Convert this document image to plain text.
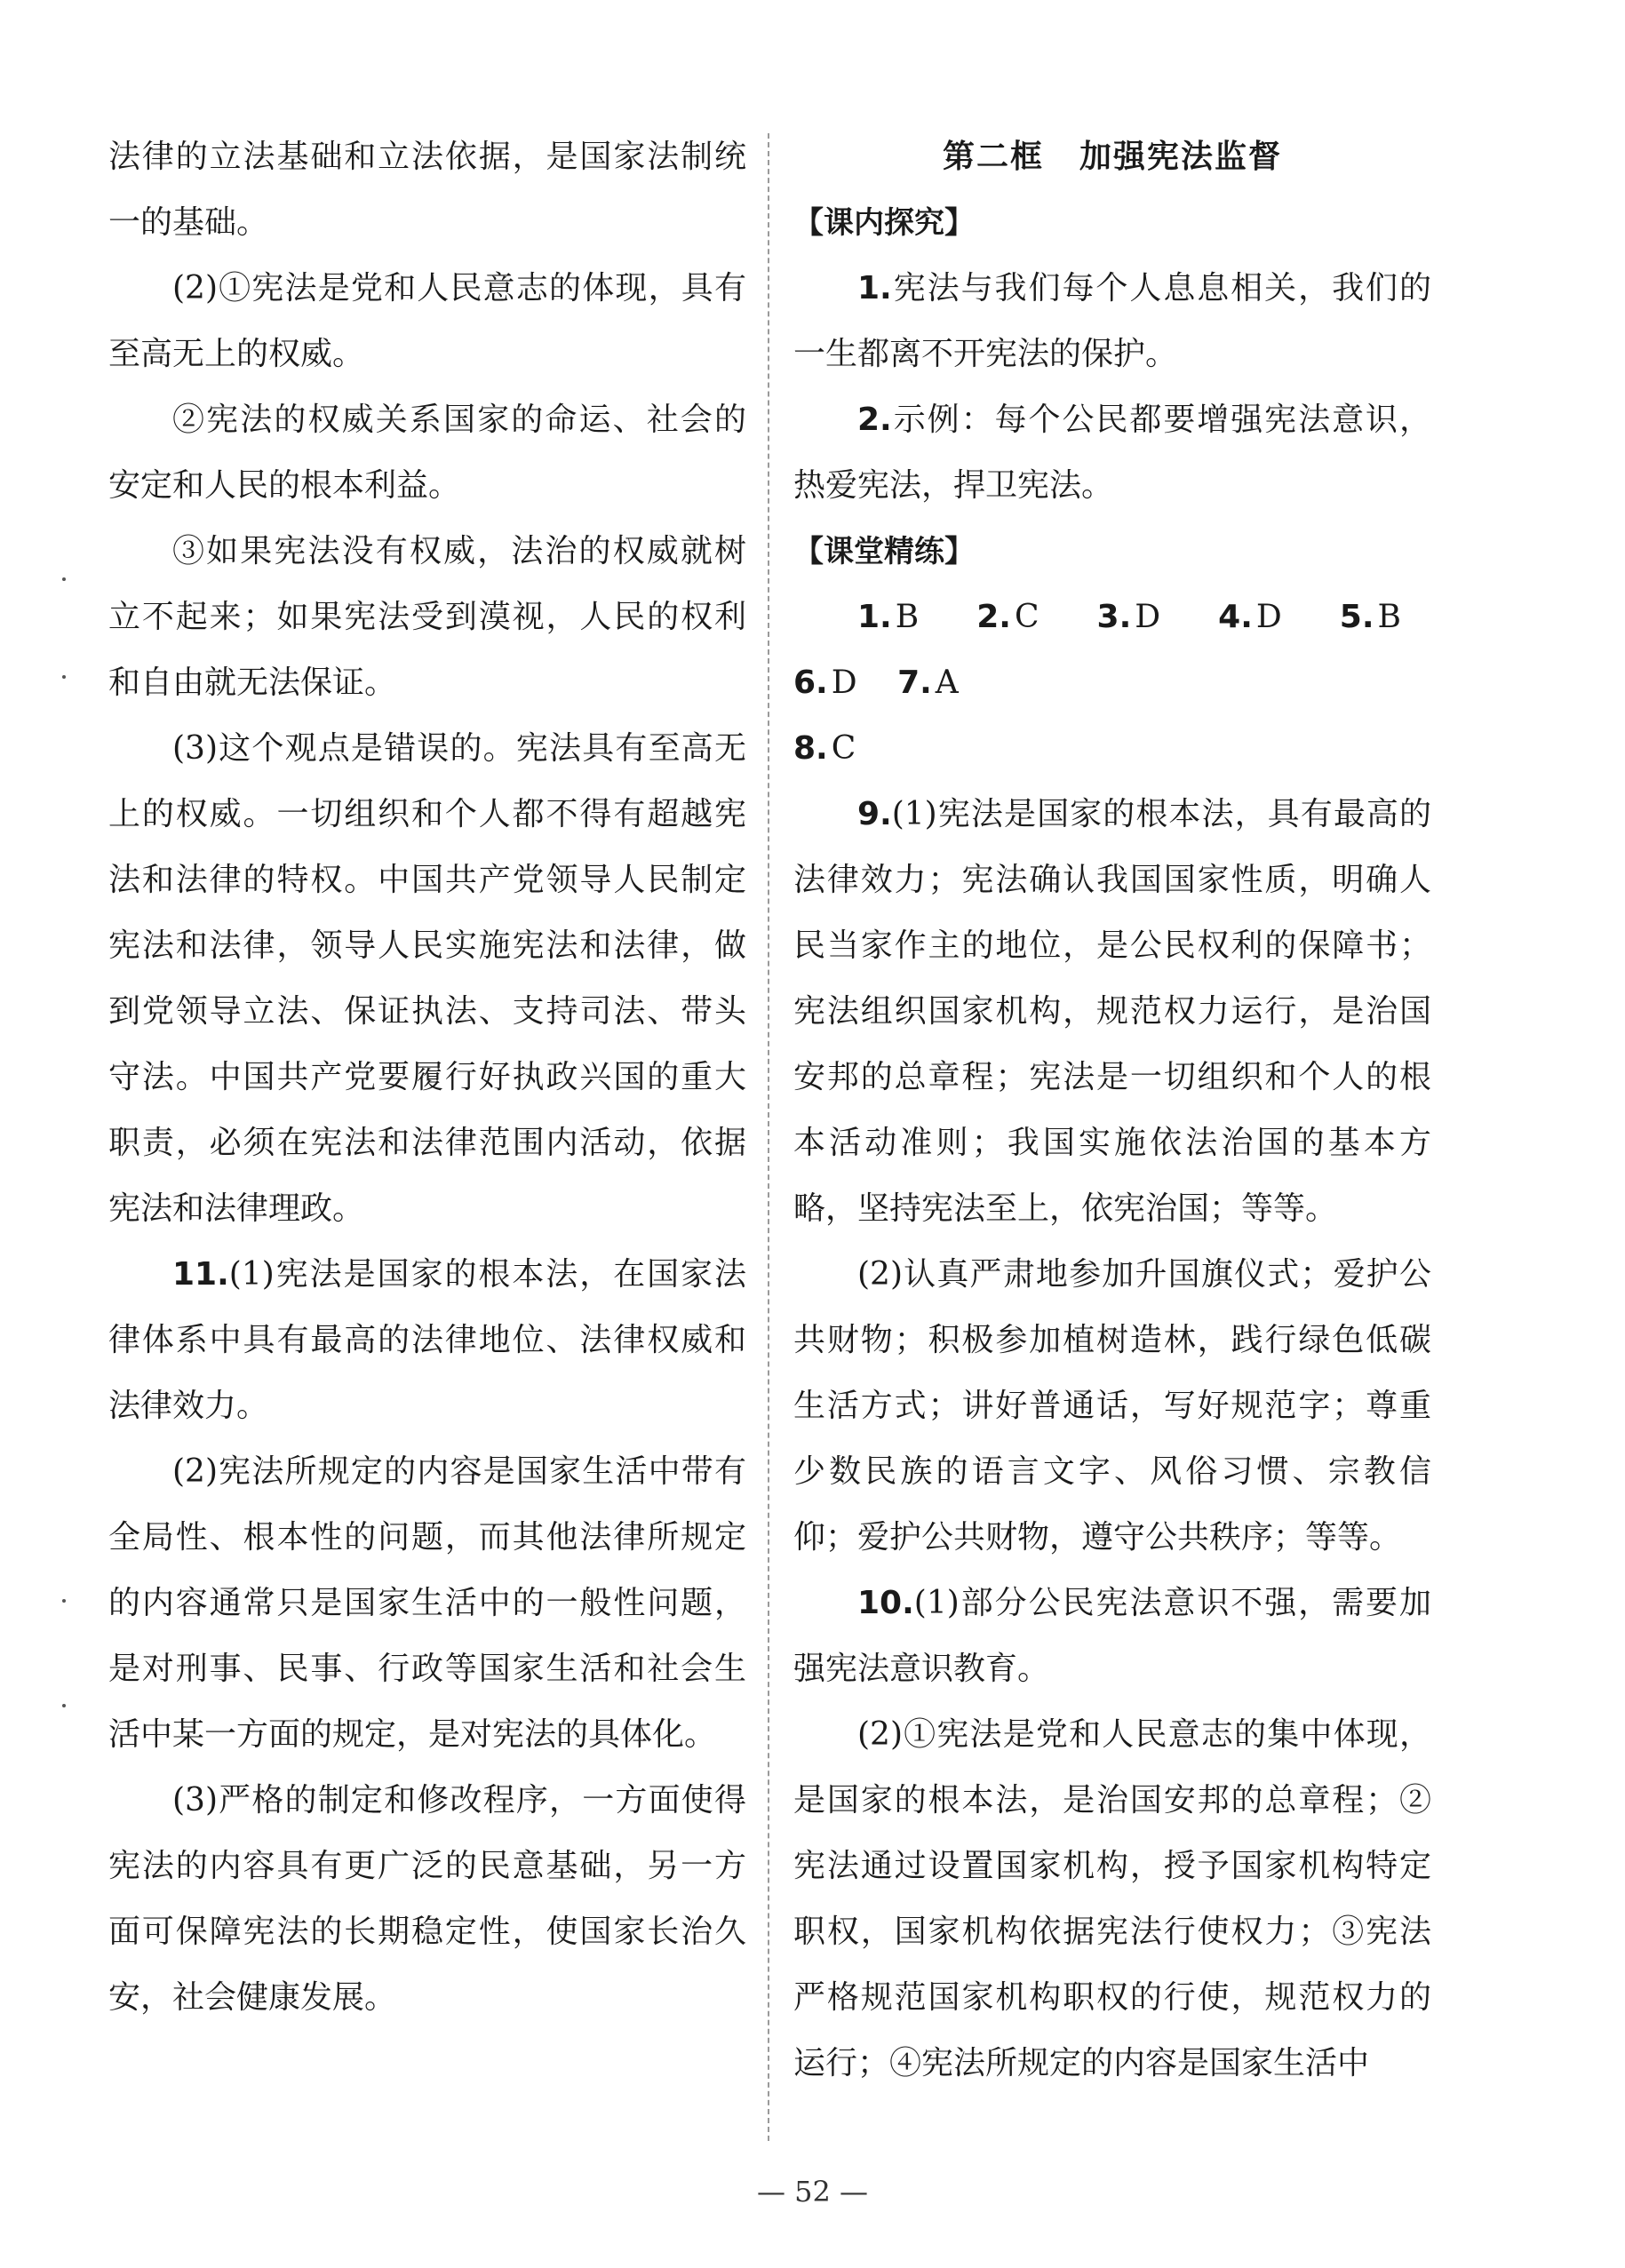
法律的立法基础和立法依据，是国家法制统一的基础。

(2)①宪法是党和人民意志的体现，具有至高无上的权威。

②宪法的权威关系国家的命运、社会的安定和人民的根本利益。

③如果宪法没有权威，法治的权威就树立不起来；如果宪法受到漠视，人民的权利和自由就无法保证。

(3)这个观点是错误的。宪法具有至高无上的权威。一切组织和个人都不得有超越宪法和法律的特权。中国共产党领导人民制定宪法和法律，领导人民实施宪法和法律，做到党领导立法、保证执法、支持司法、带头守法。中国共产党要履行好执政兴国的重大职责，必须在宪法和法律范围内活动，依据宪法和法律理政。

11.(1)宪法是国家的根本法，在国家法律体系中具有最高的法律地位、法律权威和法律效力。

(2)宪法所规定的内容是国家生活中带有全局性、根本性的问题，而其他法律所规定的内容通常只是国家生活中的一般性问题，是对刑事、民事、行政等国家生活和社会生活中某一方面的规定，是对宪法的具体化。

(3)严格的制定和修改程序，一方面使得宪法的内容具有更广泛的民意基础，另一方面可保障宪法的长期稳定性，使国家长治久安，社会健康发展。

第二框 加强宪法监督

【课内探究】

1.宪法与我们每个人息息相关，我们的一生都离不开宪法的保护。

2.示例：每个公民都要增强宪法意识，热爱宪法，捍卫宪法。

【课堂精练】

1. B 2. C 3. D 4. D 5. B 6. D 7. A

8. C

9.(1)宪法是国家的根本法，具有最高的法律效力；宪法确认我国国家性质，明确人民当家作主的地位，是公民权利的保障书；宪法组织国家机构，规范权力运行，是治国安邦的总章程；宪法是一切组织和个人的根本活动准则；我国实施依法治国的基本方略，坚持宪法至上，依宪治国；等等。

(2)认真严肃地参加升国旗仪式；爱护公共财物；积极参加植树造林，践行绿色低碳生活方式；讲好普通话，写好规范字；尊重少数民族的语言文字、风俗习惯、宗教信仰；爱护公共财物，遵守公共秩序；等等。

10.(1)部分公民宪法意识不强，需要加强宪法意识教育。

(2)①宪法是党和人民意志的集中体现，是国家的根本法，是治国安邦的总章程；②宪法通过设置国家机构，授予国家机构特定职权，国家机构依据宪法行使权力；③宪法严格规范国家机构职权的行使，规范权力的运行；④宪法所规定的内容是国家生活中

— 52 —
